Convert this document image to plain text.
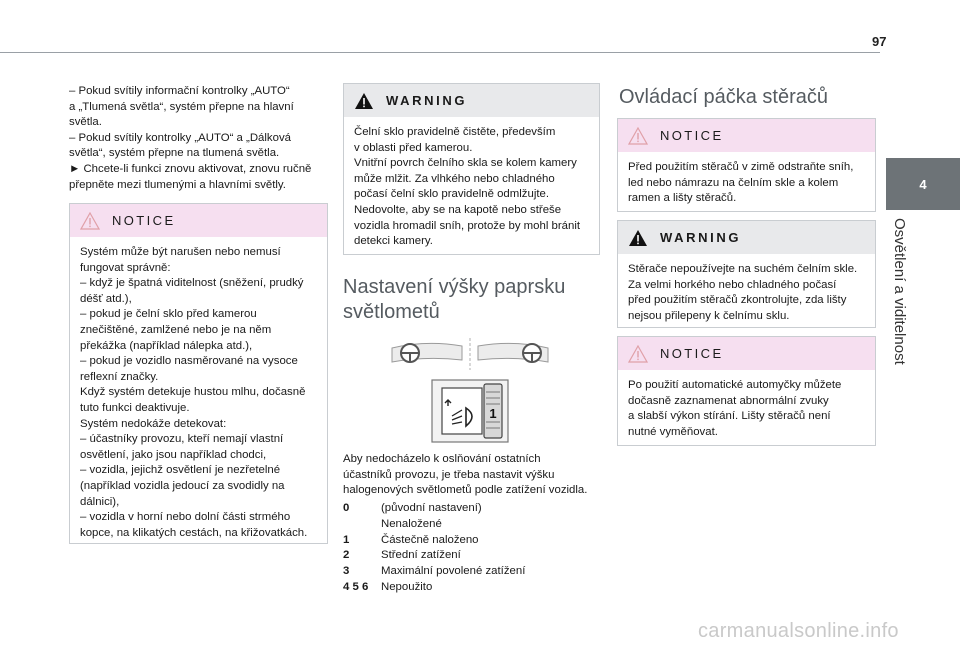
97
4
Osvětlení a viditelnost

– Pokud svítily informační kontrolky „AUTO“
a „Tlumená světla“, systém přepne na hlavní
světla.
– Pokud svítily kontrolky „AUTO“ a „Dálková
světla“, systém přepne na tlumená světla.
► Chcete-li funkci znovu aktivovat, znovu ručně
přepněte mezi tlumenými a hlavními světly.

NOTICE

Systém může být narušen nebo nemusí
fungovat správně:
– když je špatná viditelnost (sněžení, prudký
déšť atd.),
– pokud je čelní sklo před kamerou
znečištěné, zamlžené nebo je na něm
překážka (například nálepka atd.),
– pokud je vozidlo nasměrované na vysoce
reflexní značky.
Když systém detekuje hustou mlhu, dočasně
tuto funkci deaktivuje.
Systém nedokáže detekovat:
– účastníky provozu, kteří nemají vlastní
osvětlení, jako jsou například chodci,
– vozidla, jejichž osvětlení je nezřetelné
(například vozidla jedoucí za svodidly na
dálnici),
– vozidla v horní nebo dolní části strmého
kopce, na klikatých cestách, na křižovatkách.

WARNING

Čelní sklo pravidelně čistěte, především
v oblasti před kamerou.
Vnitřní povrch čelního skla se kolem kamery
může mlžit. Za vlhkého nebo chladného
počasí čelní sklo pravidelně odmlžujte.
Nedovolte, aby se na kapotě nebo střeše
vozidla hromadil sníh, protože by mohl bránit
detekci kamery.

Nastavení výšky paprsku
světlometů
1

Aby nedocházelo k oslňování ostatních
účastníků provozu, je třeba nastavit výšku
halogenových světlometů podle zatížení vozidla.

0	(původní nastavení)
Nenaložené
1	Částečně naloženo
2	Střední zatížení
3	Maximální povolené zatížení
4 5 6	Nepoužito
Ovládací páčka stěračů
NOTICE

Před použitím stěračů v zimě odstraňte sníh,
led nebo námrazu na čelním skle a kolem
ramen a lišty stěračů.

WARNING

Stěrače nepoužívejte na suchém čelním skle.
Za velmi horkého nebo chladného počasí
před použitím stěračů zkontrolujte, zda lišty
nejsou přilepeny k čelnímu sklu.

NOTICE

Po použití automatické automyčky můžete
dočasně zaznamenat abnormální zvuky
a slabší výkon stírání. Lišty stěračů není
nutné vyměňovat.

carmanualsonline.info
